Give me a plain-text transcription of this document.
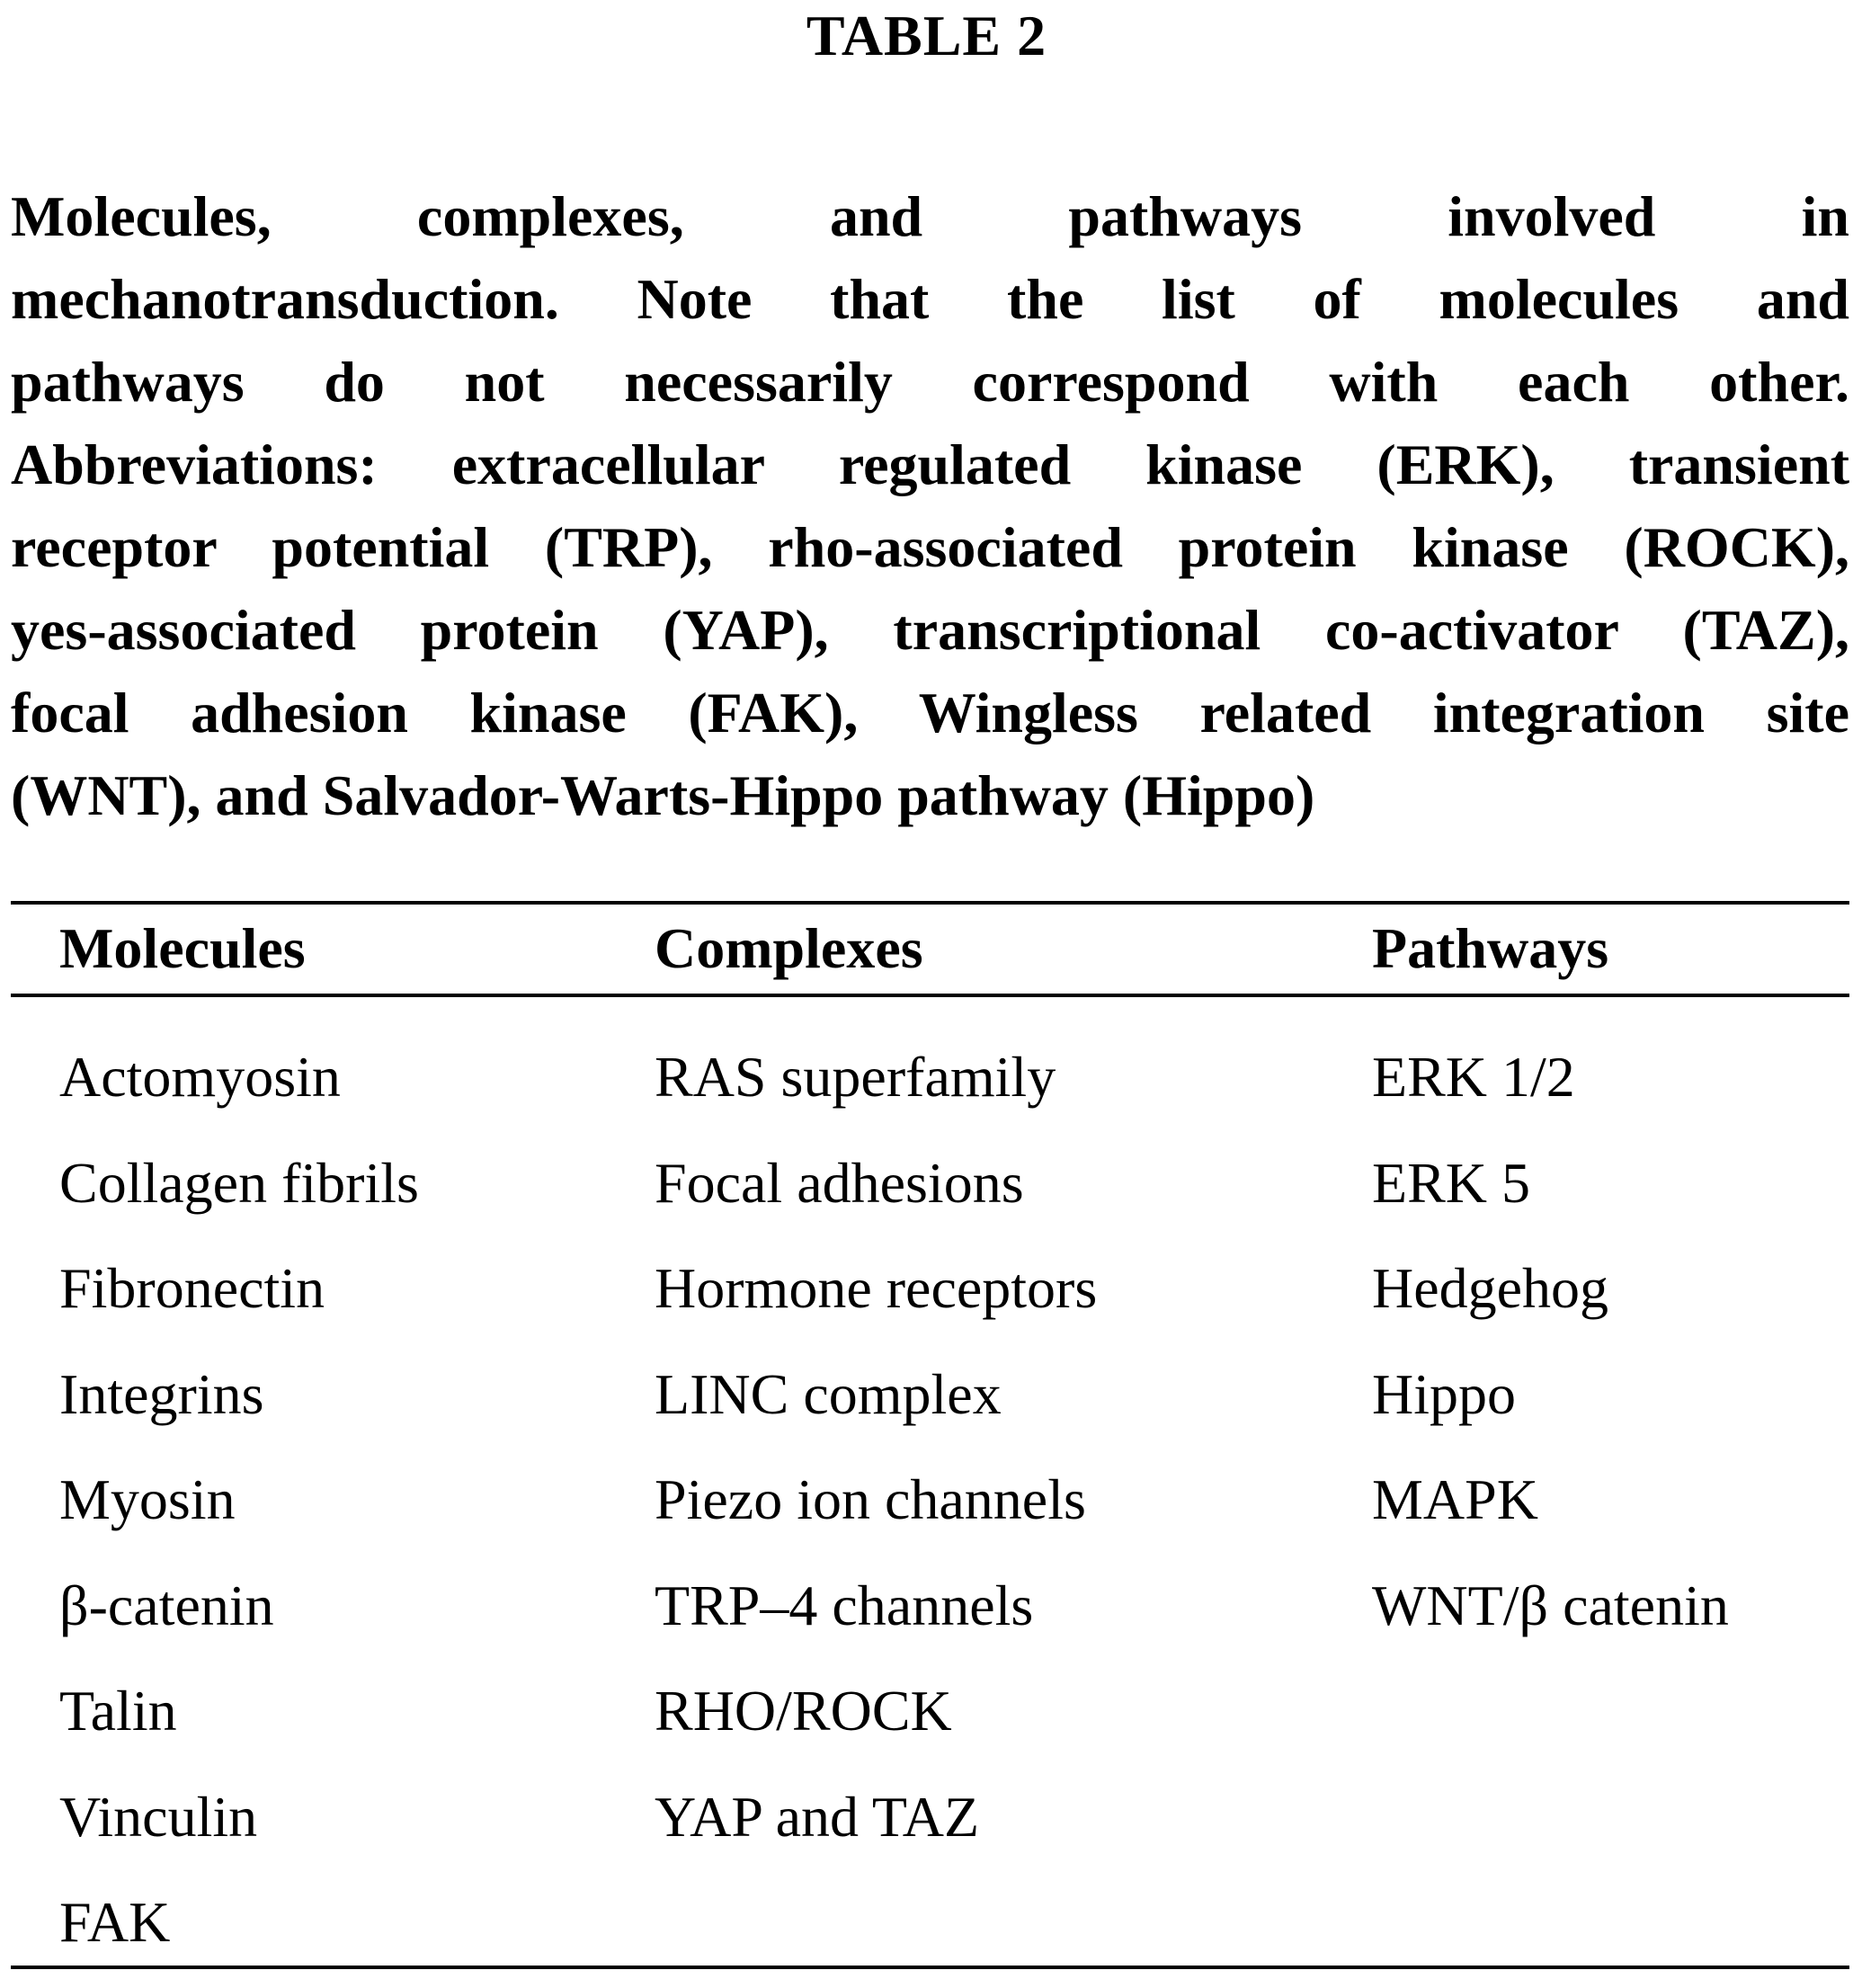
TABLE 2
Molecules, complexes, and pathways involved in
mechanotransduction. Note that the list of molecules and
pathways do not necessarily correspond with each other.
Abbreviations: extracellular regulated kinase (ERK), transient
receptor potential (TRP), rho-associated protein kinase (ROCK),
yes-associated protein (YAP), transcriptional co-activator (TAZ),
focal adhesion kinase (FAK), Wingless related integration site
(WNT), and Salvador-Warts-Hippo pathway (Hippo)
Molecules	Complexes	Pathways
Actomyosin	RAS superfamily	ERK 1/2
Collagen fibrils	Focal adhesions	ERK 5
Fibronectin	Hormone receptors	Hedgehog
Integrins	LINC complex	Hippo
Myosin	Piezo ion channels	MAPK
β-catenin	TRP–4 channels	WNT/β catenin
Talin	RHO/ROCK
Vinculin	YAP and TAZ
FAK
